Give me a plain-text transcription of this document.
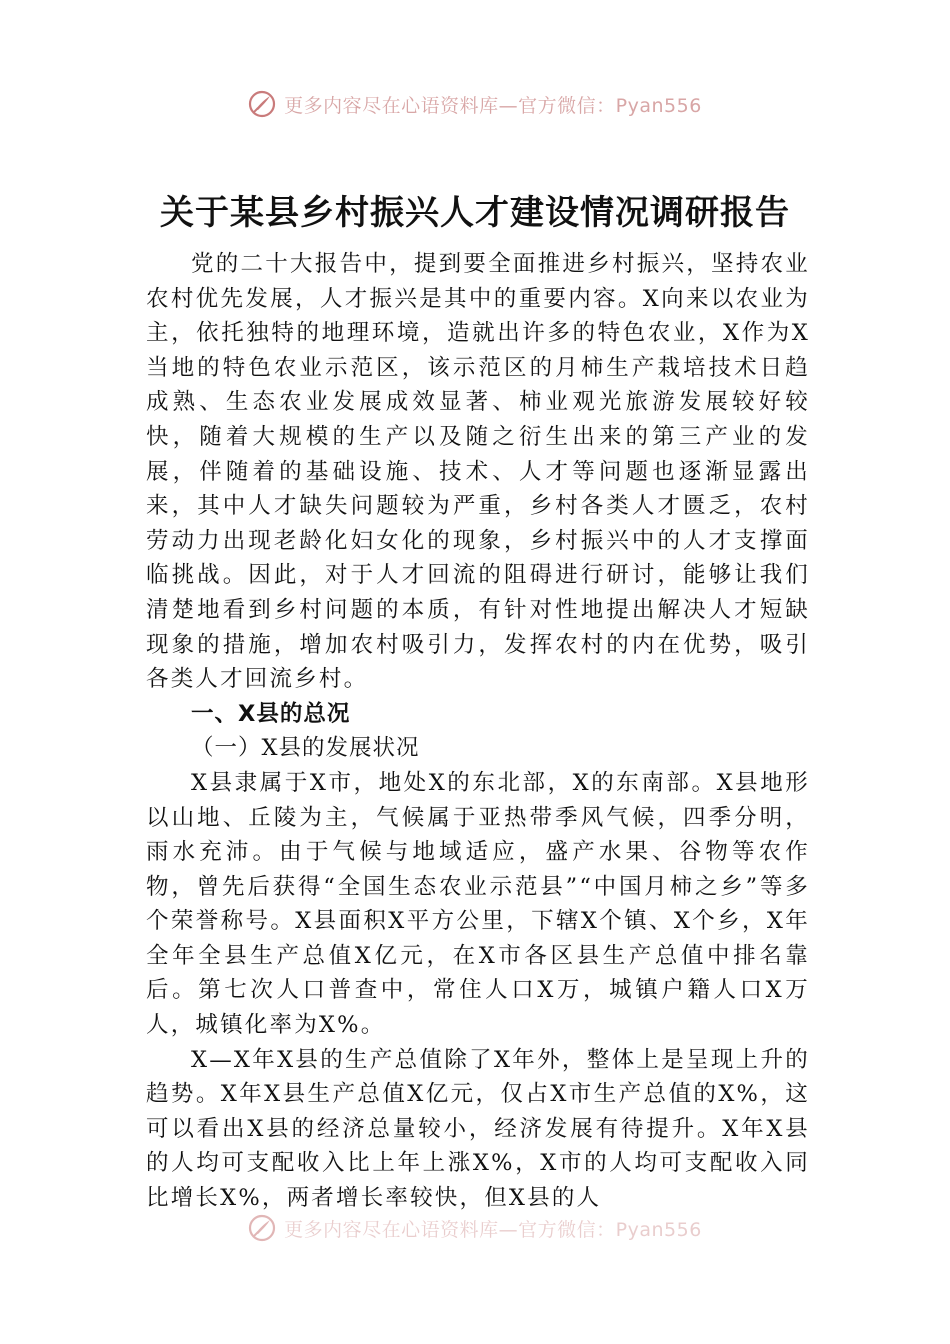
更多内容尽在心语资料库—官方微信：Pyan556
关于某县乡村振兴人才建设情况调研报告

党的二十大报告中，提到要全面推进乡村振兴，坚持农业农村优先发展，人才振兴是其中的重要内容。X向来以农业为主，依托独特的地理环境，造就出许多的特色农业，X作为X当地的特色农业示范区，该示范区的月柿生产栽培技术日趋成熟、生态农业发展成效显著、柿业观光旅游发展较好较快，随着大规模的生产以及随之衍生出来的第三产业的发展，伴随着的基础设施、技术、人才等问题也逐渐显露出来，其中人才缺失问题较为严重，乡村各类人才匮乏，农村劳动力出现老龄化妇女化的现象，乡村振兴中的人才支撑面临挑战。因此，对于人才回流的阻碍进行研讨，能够让我们清楚地看到乡村问题的本质，有针对性地提出解决人才短缺现象的措施，增加农村吸引力，发挥农村的内在优势，吸引各类人才回流乡村。

一、X县的总况

（一）X县的发展状况

X县隶属于X市，地处X的东北部，X的东南部。X县地形以山地、丘陵为主，气候属于亚热带季风气候，四季分明，雨水充沛。由于气候与地域适应，盛产水果、谷物等农作物，曾先后获得“全国生态农业示范县”“中国月柿之乡”等多个荣誉称号。X县面积X平方公里，下辖X个镇、X个乡，X年全年全县生产总值X亿元，在X市各区县生产总值中排名靠后。第七次人口普查中，常住人口X万，城镇户籍人口X万人，城镇化率为X%。

X—X年X县的生产总值除了X年外，整体上是呈现上升的趋势。X年X县生产总值X亿元，仅占X市生产总值的X%，这可以看出X县的经济总量较小，经济发展有待提升。X年X县的人均可支配收入比上年上涨X%，X市的人均可支配收入同比增长X%，两者增长率较快，但X县的人

更多内容尽在心语资料库—官方微信：Pyan556
